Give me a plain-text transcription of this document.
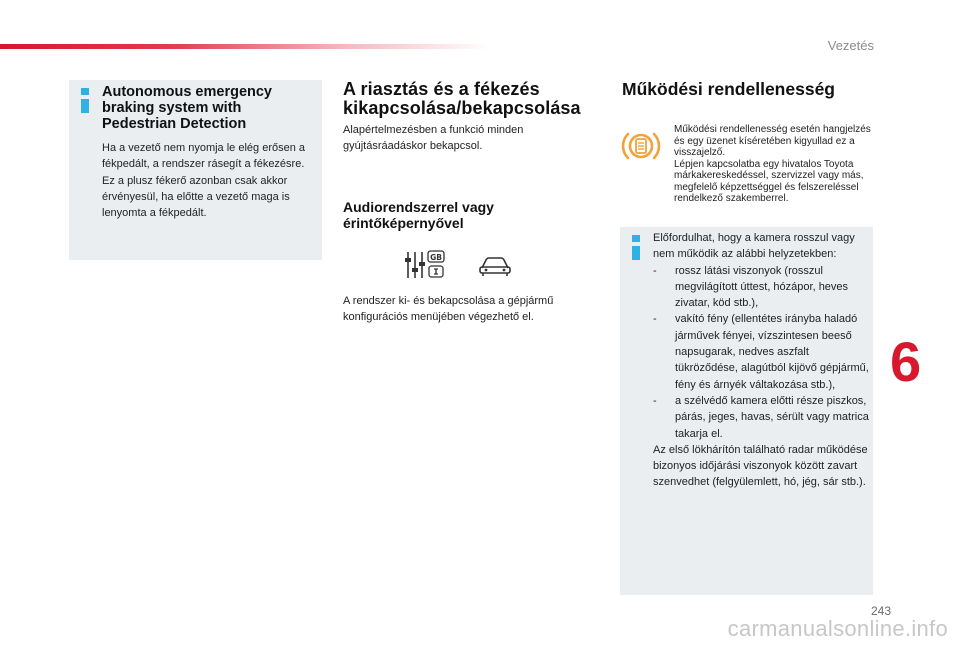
Vezetés
Autonomous emergency braking system with Pedestrian Detection

Ha a vezető nem nyomja le elég erősen a fékpedált, a rendszer rásegít a fékezésre.
Ez a plusz fékerő azonban csak akkor érvényesül, ha előtte a vezető maga is lenyomta a fékpedált.

A riasztás és a fékezés kikapcsolása/bekapcsolása

Alapértelmezésben a funkció minden gyújtásráadáskor bekapcsol.

Audiorendszerrel vagy érintőképernyővel
GB

A rendszer ki- és bekapcsolása a gépjármű konfigurációs menüjében végezhető el.

Működési rendellenesség

Működési rendellenesség esetén hangjelzés és egy üzenet kíséretében kigyullad ez a visszajelző.
Lépjen kapcsolatba egy hivatalos Toyota márkakereskedéssel, szervizzel vagy más, megfelelő képzettséggel és felszereléssel rendelkező szakemberrel.

Előfordulhat, hogy a kamera rosszul vagy nem működik az alábbi helyzetekben:
-	rossz látási viszonyok (rosszul megvilágított úttest, hózápor, heves zivatar, köd stb.),
-	vakító fény (ellentétes irányba haladó járművek fényei, vízszintesen beeső napsugarak, nedves aszfalt tükröződése, alagútból kijövő gépjármű, fény és árnyék váltakozása stb.),
-	a szélvédő kamera előtti része piszkos, párás, jeges, havas, sérült vagy matrica takarja el.
Az első lökhárítón található radar működése bizonyos időjárási viszonyok között zavart szenvedhet (felgyülemlett, hó, jég, sár stb.).
6
243
carmanualsonline.info
